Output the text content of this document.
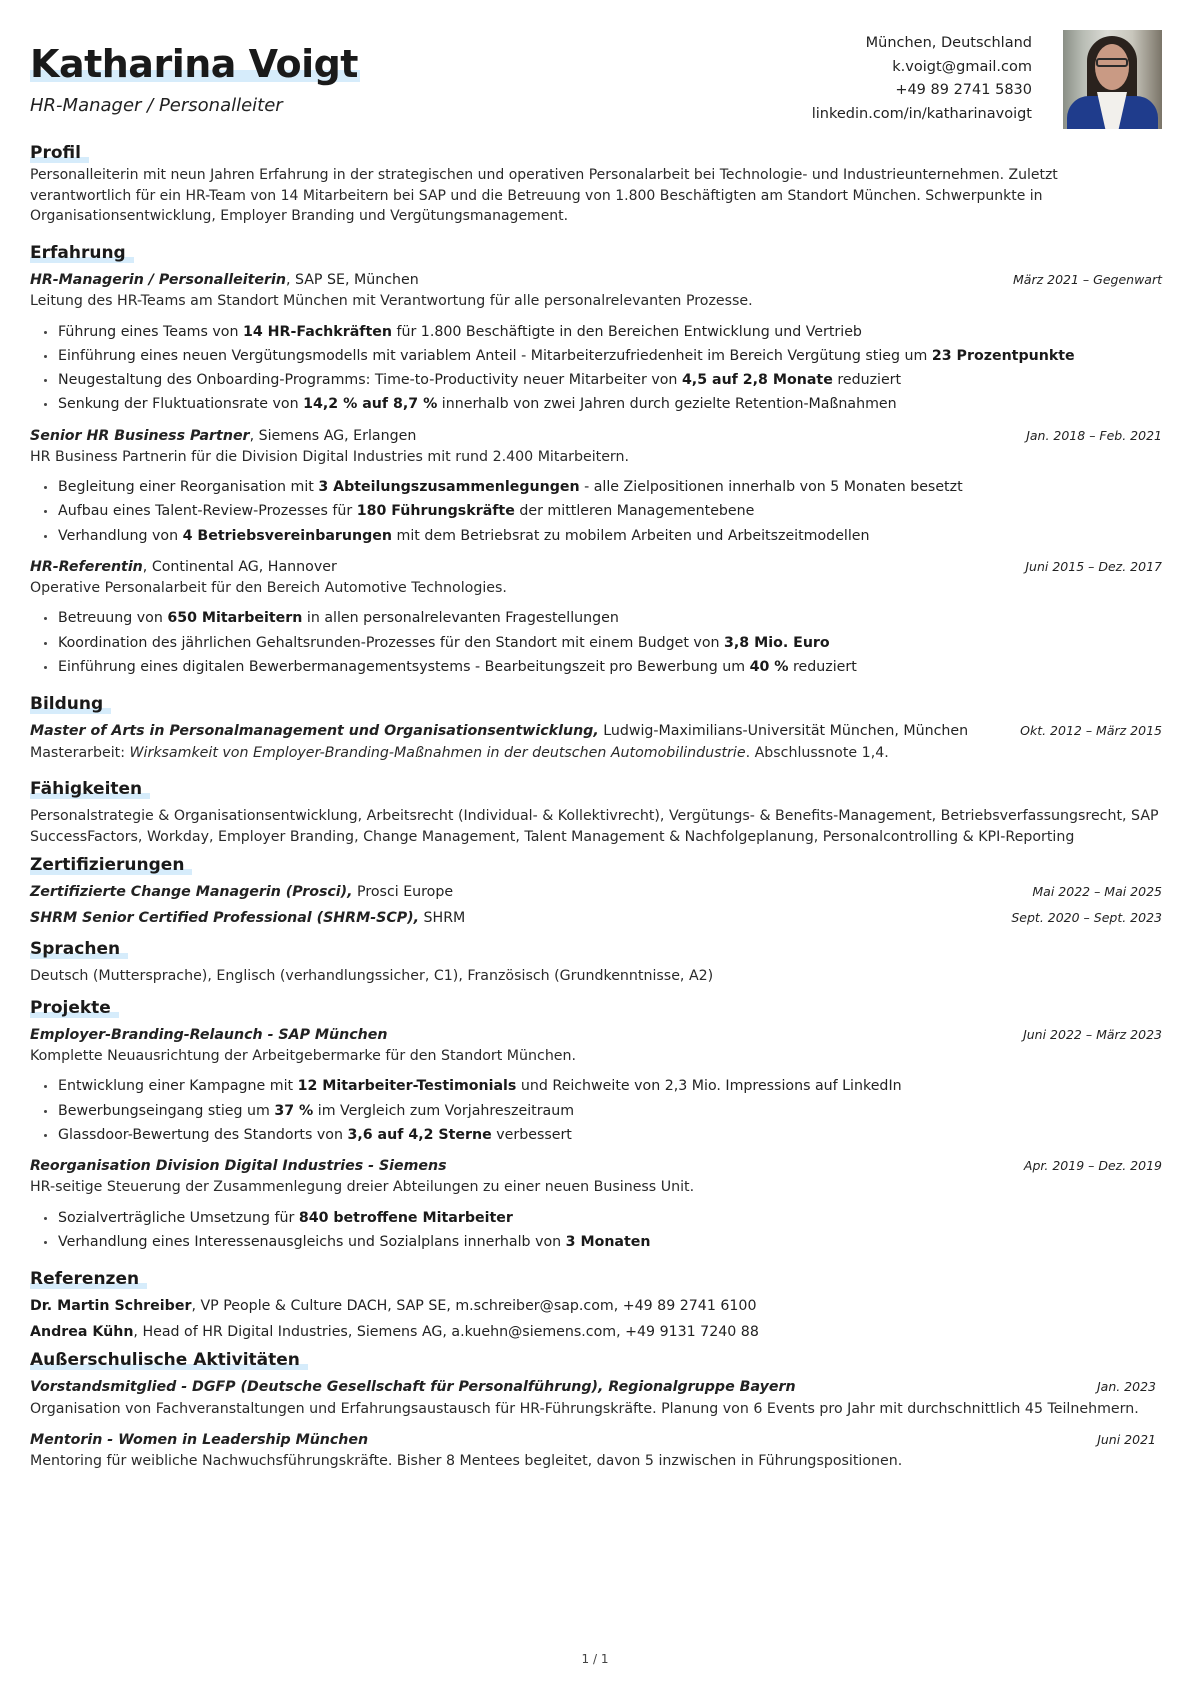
Katharina Voigt
HR-Manager / Personalleiter
München, Deutschland
k.voigt@gmail.com
+49 89 2741 5830
linkedin.com/in/katharinavoigt
Profil
Personalleiterin mit neun Jahren Erfahrung in der strategischen und operativen Personalarbeit bei Technologie- und Industrieunternehmen. Zuletzt verantwortlich für ein HR-Team von 14 Mitarbeitern bei SAP und die Betreuung von 1.800 Beschäftigten am Standort München. Schwerpunkte in Organisationsentwicklung, Employer Branding und Vergütungsmanagement.
Erfahrung
HR-Managerin / Personalleiterin, SAP SE, München	März 2021 – Gegenwart
Leitung des HR-Teams am Standort München mit Verantwortung für alle personalrelevanten Prozesse.
Führung eines Teams von 14 HR-Fachkräften für 1.800 Beschäftigte in den Bereichen Entwicklung und Vertrieb
Einführung eines neuen Vergütungsmodells mit variablem Anteil - Mitarbeiterzufriedenheit im Bereich Vergütung stieg um 23 Prozentpunkte
Neugestaltung des Onboarding-Programms: Time-to-Productivity neuer Mitarbeiter von 4,5 auf 2,8 Monate reduziert
Senkung der Fluktuationsrate von 14,2 % auf 8,7 % innerhalb von zwei Jahren durch gezielte Retention-Maßnahmen
Senior HR Business Partner, Siemens AG, Erlangen	Jan. 2018 – Feb. 2021
HR Business Partnerin für die Division Digital Industries mit rund 2.400 Mitarbeitern.
Begleitung einer Reorganisation mit 3 Abteilungszusammenlegungen - alle Zielpositionen innerhalb von 5 Monaten besetzt
Aufbau eines Talent-Review-Prozesses für 180 Führungskräfte der mittleren Managementebene
Verhandlung von 4 Betriebsvereinbarungen mit dem Betriebsrat zu mobilem Arbeiten und Arbeitszeitmodellen
HR-Referentin, Continental AG, Hannover	Juni 2015 – Dez. 2017
Operative Personalarbeit für den Bereich Automotive Technologies.
Betreuung von 650 Mitarbeitern in allen personalrelevanten Fragestellungen
Koordination des jährlichen Gehaltsrunden-Prozesses für den Standort mit einem Budget von 3,8 Mio. Euro
Einführung eines digitalen Bewerbermanagementsystems - Bearbeitungszeit pro Bewerbung um 40 % reduziert
Bildung
Master of Arts in Personalmanagement und Organisationsentwicklung, Ludwig-Maximilians-Universität München, München	Okt. 2012 – März 2015
Masterarbeit: Wirksamkeit von Employer-Branding-Maßnahmen in der deutschen Automobilindustrie. Abschlussnote 1,4.
Fähigkeiten
Personalstrategie & Organisationsentwicklung, Arbeitsrecht (Individual- & Kollektivrecht), Vergütungs- & Benefits-Management, Betriebsverfassungsrecht, SAP SuccessFactors, Workday, Employer Branding, Change Management, Talent Management & Nachfolgeplanung, Personalcontrolling & KPI-Reporting
Zertifizierungen
Zertifizierte Change Managerin (Prosci), Prosci Europe	Mai 2022 – Mai 2025
SHRM Senior Certified Professional (SHRM-SCP), SHRM	Sept. 2020 – Sept. 2023
Sprachen
Deutsch (Muttersprache), Englisch (verhandlungssicher, C1), Französisch (Grundkenntnisse, A2)
Projekte
Employer-Branding-Relaunch - SAP München	Juni 2022 – März 2023
Komplette Neuausrichtung der Arbeitgebermarke für den Standort München.
Entwicklung einer Kampagne mit 12 Mitarbeiter-Testimonials und Reichweite von 2,3 Mio. Impressions auf LinkedIn
Bewerbungseingang stieg um 37 % im Vergleich zum Vorjahreszeitraum
Glassdoor-Bewertung des Standorts von 3,6 auf 4,2 Sterne verbessert
Reorganisation Division Digital Industries - Siemens	Apr. 2019 – Dez. 2019
HR-seitige Steuerung der Zusammenlegung dreier Abteilungen zu einer neuen Business Unit.
Sozialverträgliche Umsetzung für 840 betroffene Mitarbeiter
Verhandlung eines Interessenausgleichs und Sozialplans innerhalb von 3 Monaten
Referenzen
Dr. Martin Schreiber, VP People & Culture DACH, SAP SE, m.schreiber@sap.com, +49 89 2741 6100
Andrea Kühn, Head of HR Digital Industries, Siemens AG, a.kuehn@siemens.com, +49 9131 7240 88
Außerschulische Aktivitäten
Vorstandsmitglied - DGFP (Deutsche Gesellschaft für Personalführung), Regionalgruppe Bayern	Jan. 2023
Organisation von Fachveranstaltungen und Erfahrungsaustausch für HR-Führungskräfte. Planung von 6 Events pro Jahr mit durchschnittlich 45 Teilnehmern.
Mentorin - Women in Leadership München	Juni 2021
Mentoring für weibliche Nachwuchsführungskräfte. Bisher 8 Mentees begleitet, davon 5 inzwischen in Führungspositionen.
1 / 1
